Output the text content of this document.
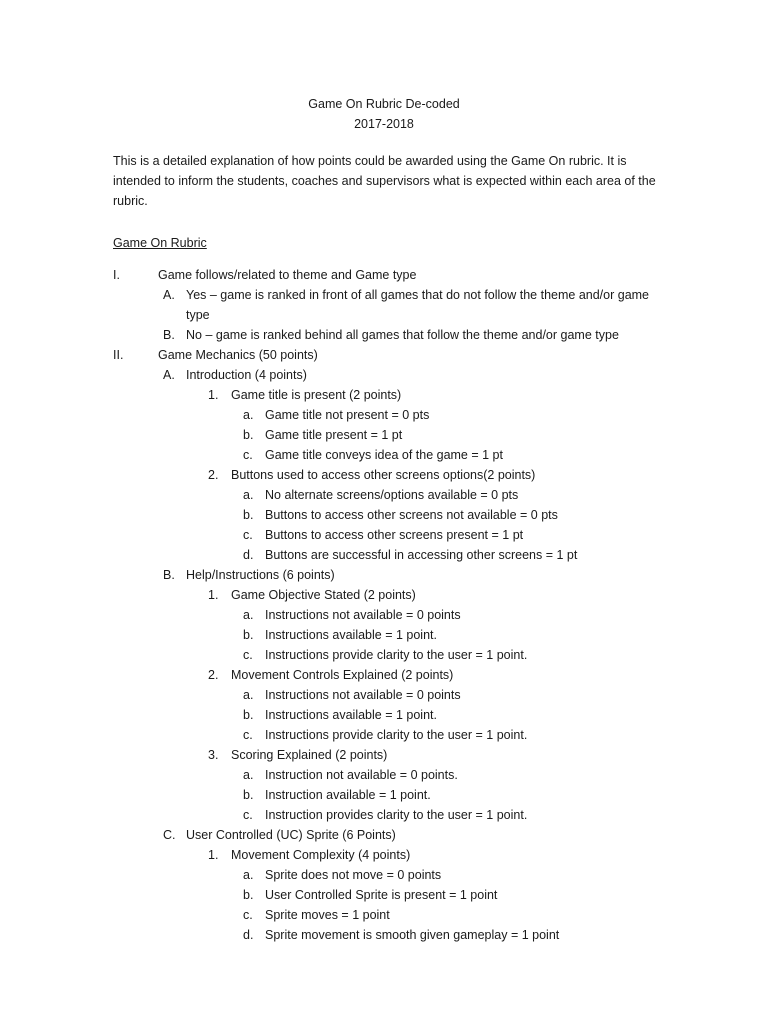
Game On Rubric De-coded
2017-2018

This is a detailed explanation of how points could be awarded using the Game On rubric. It is intended to inform the students, coaches and supervisors what is expected within each area of the rubric.

Game On Rubric
I.	Game follows/related to theme and Game type
A. Yes – game is ranked in front of all games that do not follow the theme and/or game type
B. No – game is ranked behind all games that follow the theme and/or game type
II.	Game Mechanics (50 points)
A. Introduction (4 points)
1. Game title is present (2 points)
a. Game title not present = 0 pts
b. Game title present = 1 pt
c. Game title conveys idea of the game = 1 pt
2. Buttons used to access other screens options(2 points)
a. No alternate screens/options available = 0 pts
b. Buttons to access other screens not available = 0 pts
c. Buttons to access other screens present = 1 pt
d. Buttons are successful in accessing other screens = 1 pt
B. Help/Instructions (6 points)
1. Game Objective Stated (2 points)
a. Instructions not available = 0 points
b. Instructions available = 1 point.
c. Instructions provide clarity to the user = 1 point.
2. Movement Controls Explained (2 points)
a. Instructions not available = 0 points
b. Instructions available = 1 point.
c. Instructions provide clarity to the user = 1 point.
3. Scoring Explained (2 points)
a. Instruction not available = 0 points.
b. Instruction available = 1 point.
c. Instruction provides clarity to the user = 1 point.
C. User Controlled (UC) Sprite (6 Points)
1. Movement Complexity (4 points)
a. Sprite does not move = 0 points
b. User Controlled Sprite is present = 1 point
c. Sprite moves = 1 point
d. Sprite movement is smooth given gameplay = 1 point
